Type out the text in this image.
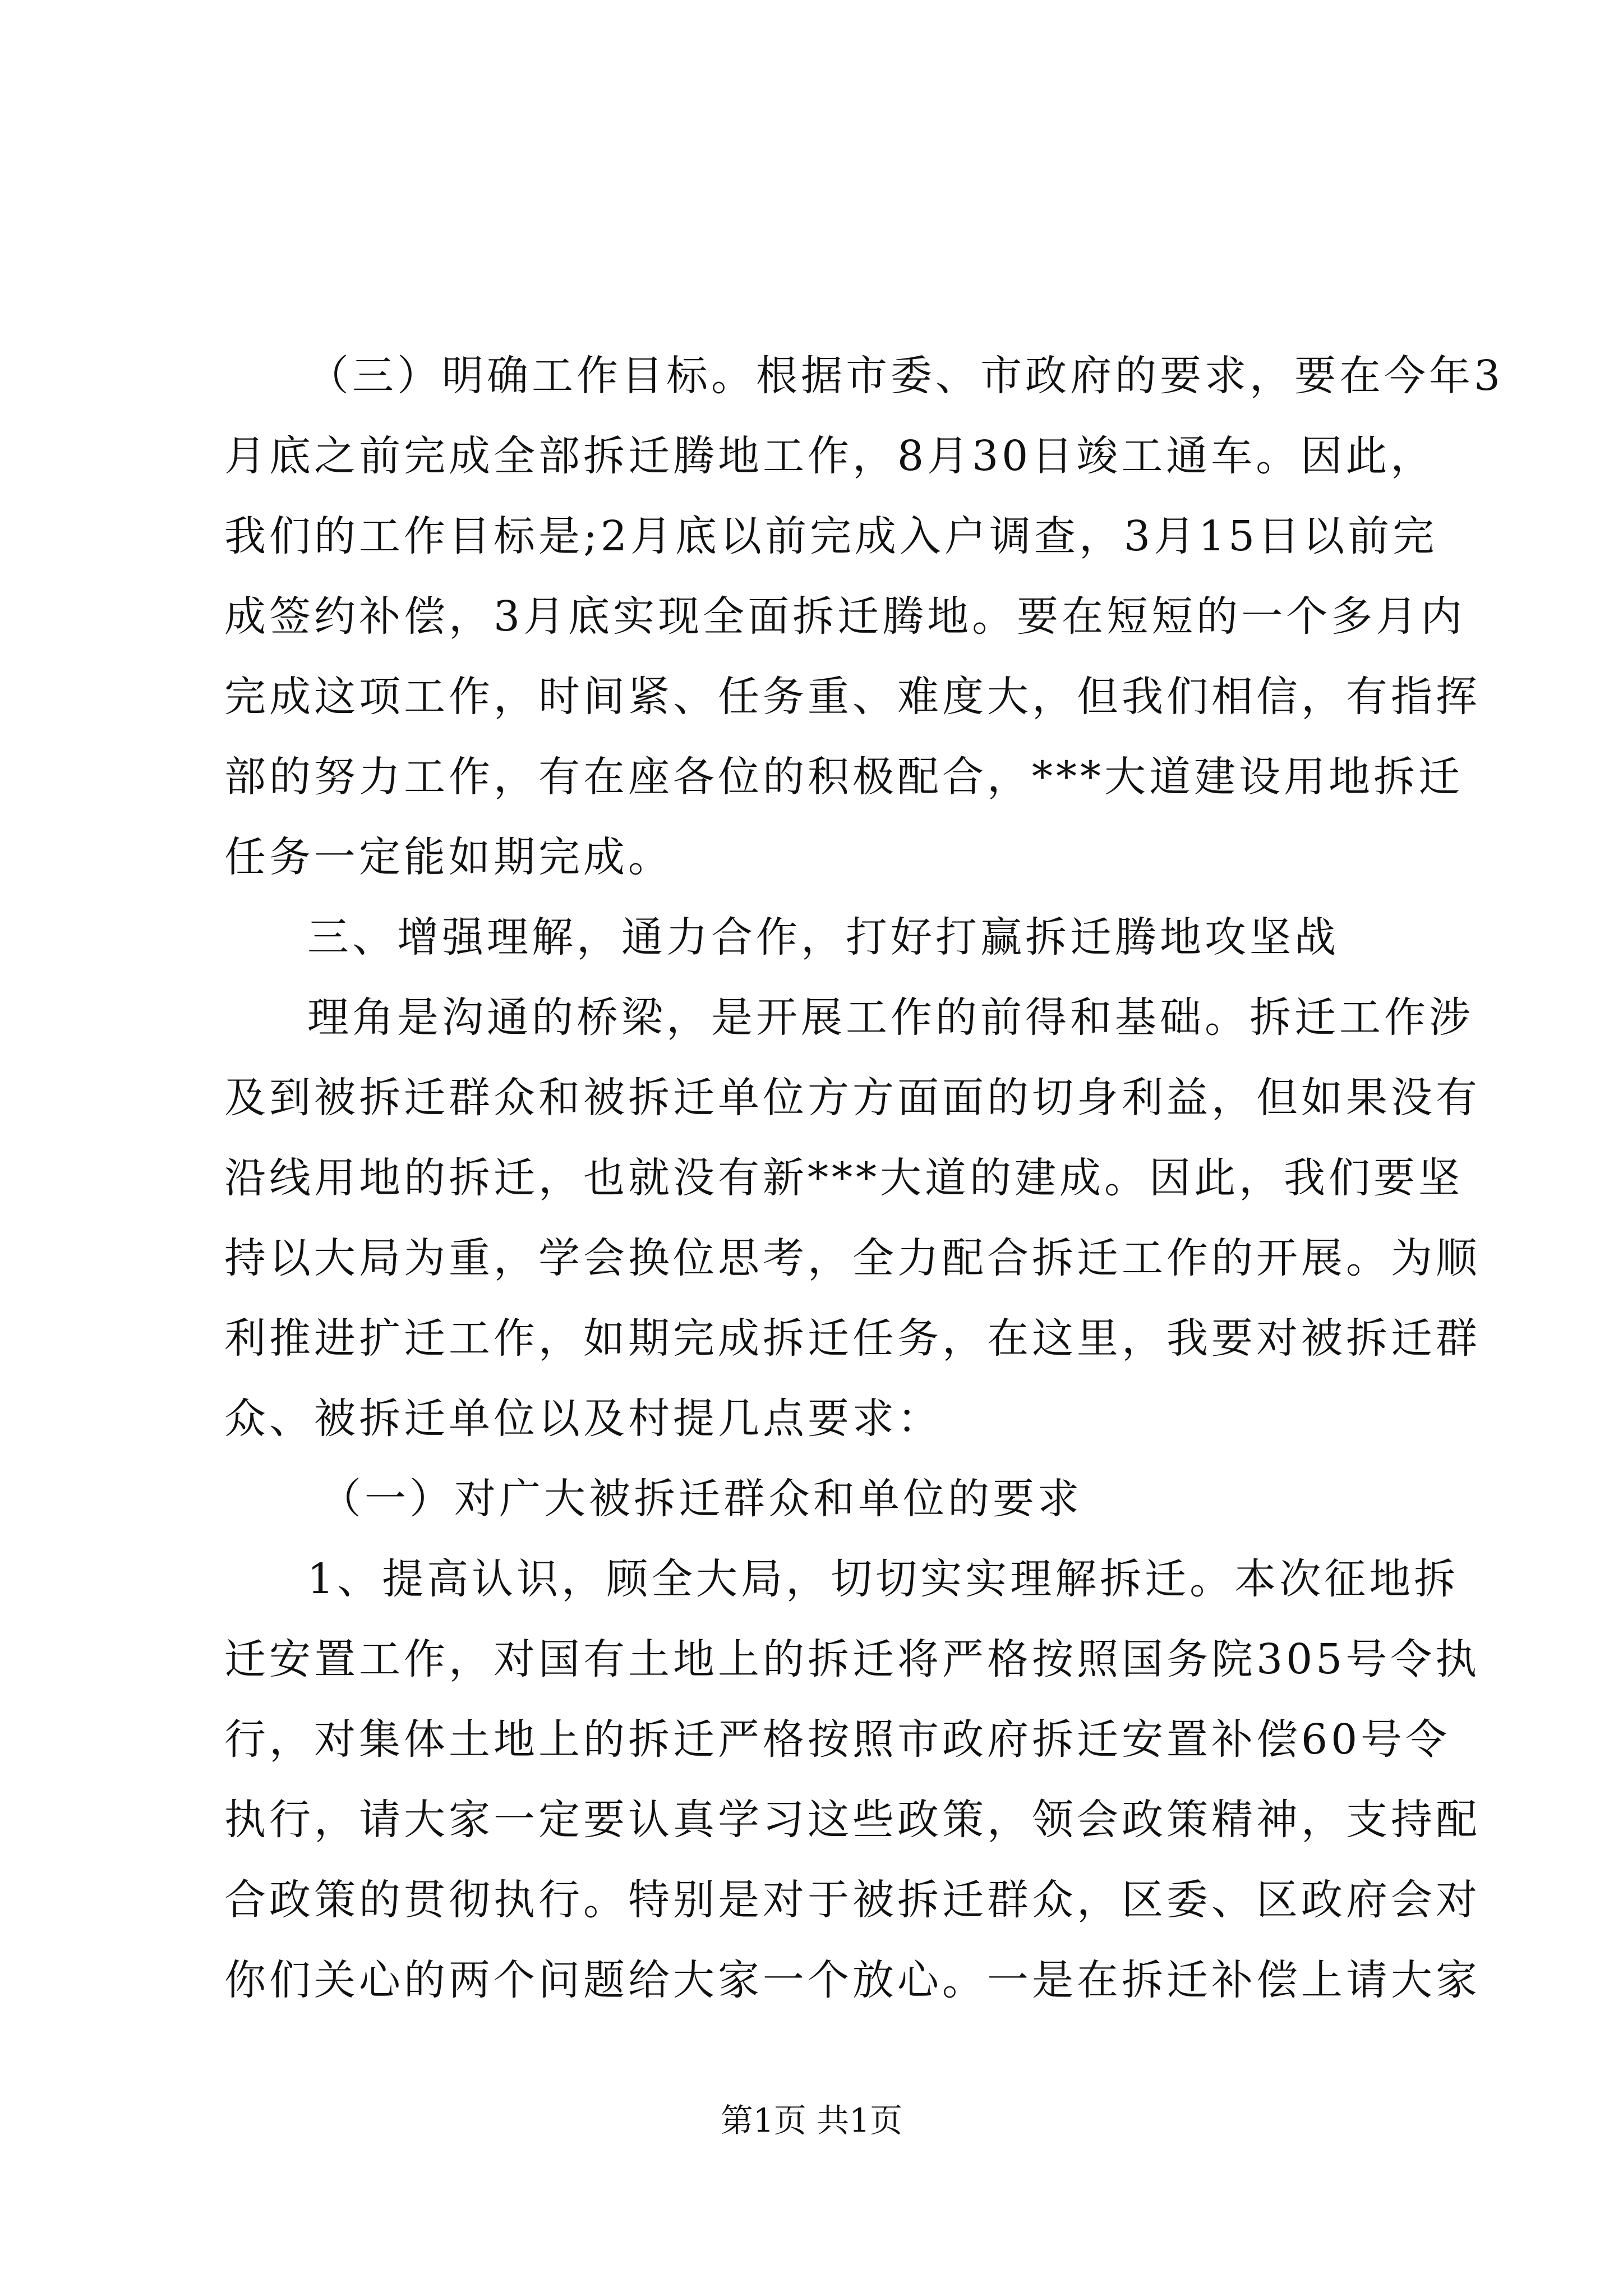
（三）明确工作目标。根据市委、市政府的要求，要在今年3
月底之前完成全部拆迁腾地工作，8月30日竣工通车。因此，
我们的工作目标是;2月底以前完成入户调查，3月15日以前完
成签约补偿，3月底实现全面拆迁腾地。要在短短的一个多月内
完成这项工作，时间紧、任务重、难度大，但我们相信，有指挥
部的努力工作，有在座各位的积极配合，***大道建设用地拆迁
任务一定能如期完成。
三、增强理解，通力合作，打好打赢拆迁腾地攻坚战
理角是沟通的桥梁，是开展工作的前得和基础。拆迁工作涉
及到被拆迁群众和被拆迁单位方方面面的切身利益，但如果没有
沿线用地的拆迁，也就没有新***大道的建成。因此，我们要坚
持以大局为重，学会换位思考，全力配合拆迁工作的开展。为顺
利推进扩迁工作，如期完成拆迁任务，在这里，我要对被拆迁群
众、被拆迁单位以及村提几点要求：
（一）对广大被拆迁群众和单位的要求
1、提高认识，顾全大局，切切实实理解拆迁。本次征地拆
迁安置工作，对国有土地上的拆迁将严格按照国务院305号令执
行，对集体土地上的拆迁严格按照市政府拆迁安置补偿60号令
执行，请大家一定要认真学习这些政策，领会政策精神，支持配
合政策的贯彻执行。特别是对于被拆迁群众，区委、区政府会对
你们关心的两个问题给大家一个放心。一是在拆迁补偿上请大家
第1页 共1页
